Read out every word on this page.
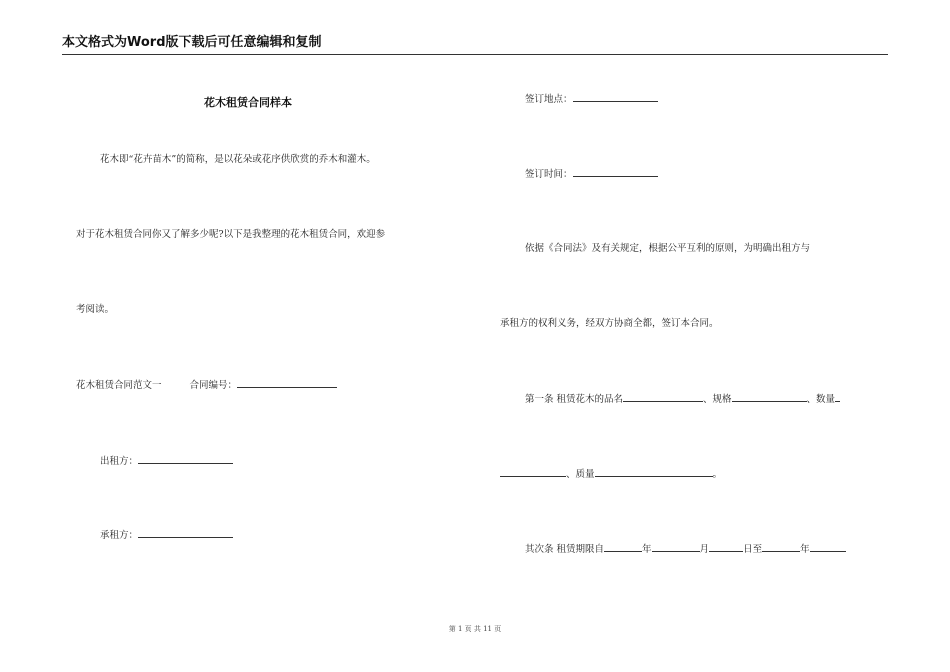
本文格式为Word版下载后可任意编辑和复制
花木租赁合同样本
花木即“花卉苗木”的简称，是以花朵或花序供欣赏的乔木和灌木。
对于花木租赁合同你又了解多少呢?以下是我整理的花木租赁合同，欢迎参
考阅读。
花木租赁合同范文一	合同编号：
出租方：
承租方：
签订地点：
签订时间：
依据《合同法》及有关规定，根据公平互利的原则，为明确出租方与
承租方的权利义务，经双方协商全都，签订本合同。
第一条 租赁花木的品名	、规格	、数量
、质量	。
其次条 租赁期限自	年	月	日至	年
第 1 页 共 11 页
